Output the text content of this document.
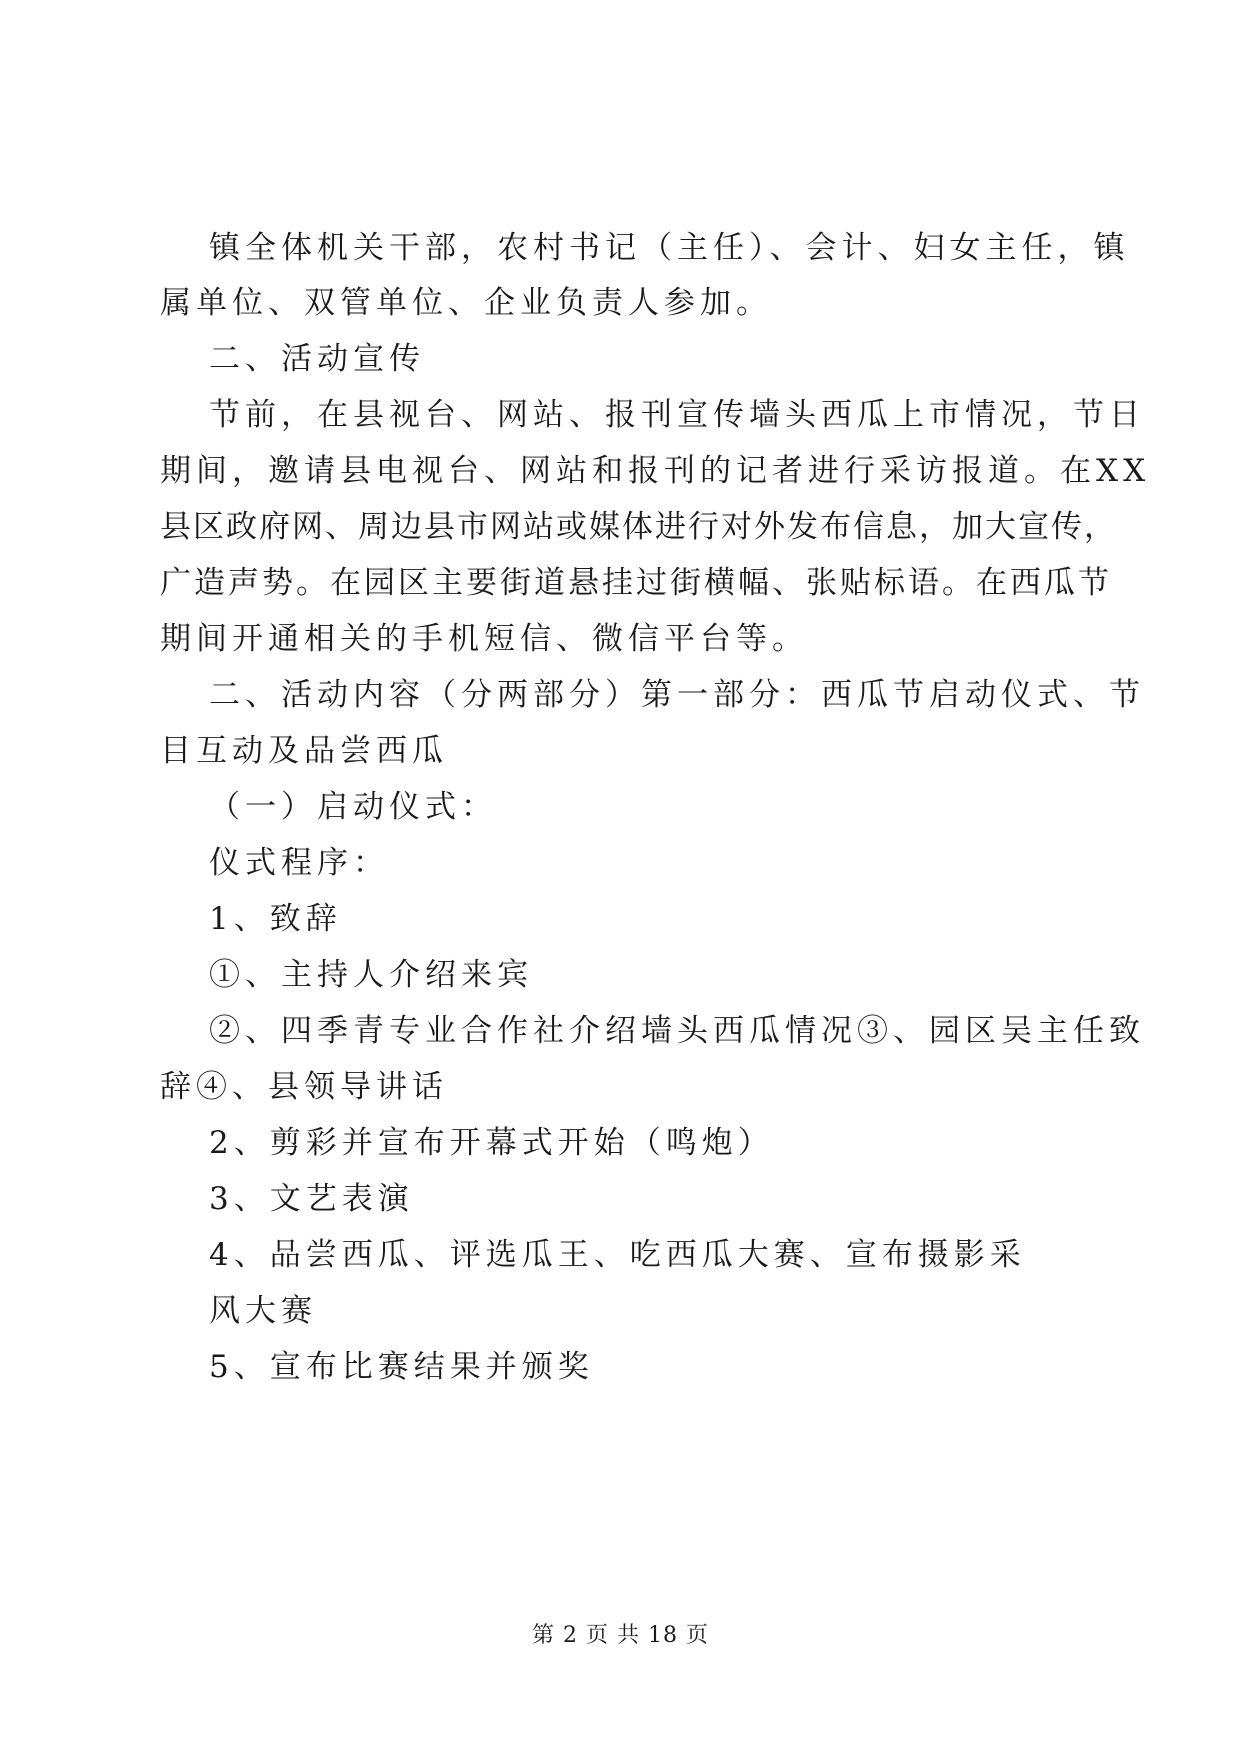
镇全体机关干部，农村书记（主任）、会计、妇女主任，镇
属单位、双管单位、企业负责人参加。
二、活动宣传
节前，在县视台、网站、报刊宣传墙头西瓜上市情况，节日
期间，邀请县电视台、网站和报刊的记者进行采访报道。在XX
县区政府网、周边县市网站或媒体进行对外发布信息，加大宣传，
广造声势。在园区主要街道悬挂过街横幅、张贴标语。在西瓜节
期间开通相关的手机短信、微信平台等。
二、活动内容（分两部分）第一部分：西瓜节启动仪式、节
目互动及品尝西瓜
（一）启动仪式：
仪式程序：
1、致辞
①、主持人介绍来宾
②、四季青专业合作社介绍墙头西瓜情况③、园区吴主任致
辞④、县领导讲话
2、剪彩并宣布开幕式开始（鸣炮）
3、文艺表演
4、品尝西瓜、评选瓜王、吃西瓜大赛、宣布摄影采
风大赛
5、宣布比赛结果并颁奖
第 2 页 共 18 页
